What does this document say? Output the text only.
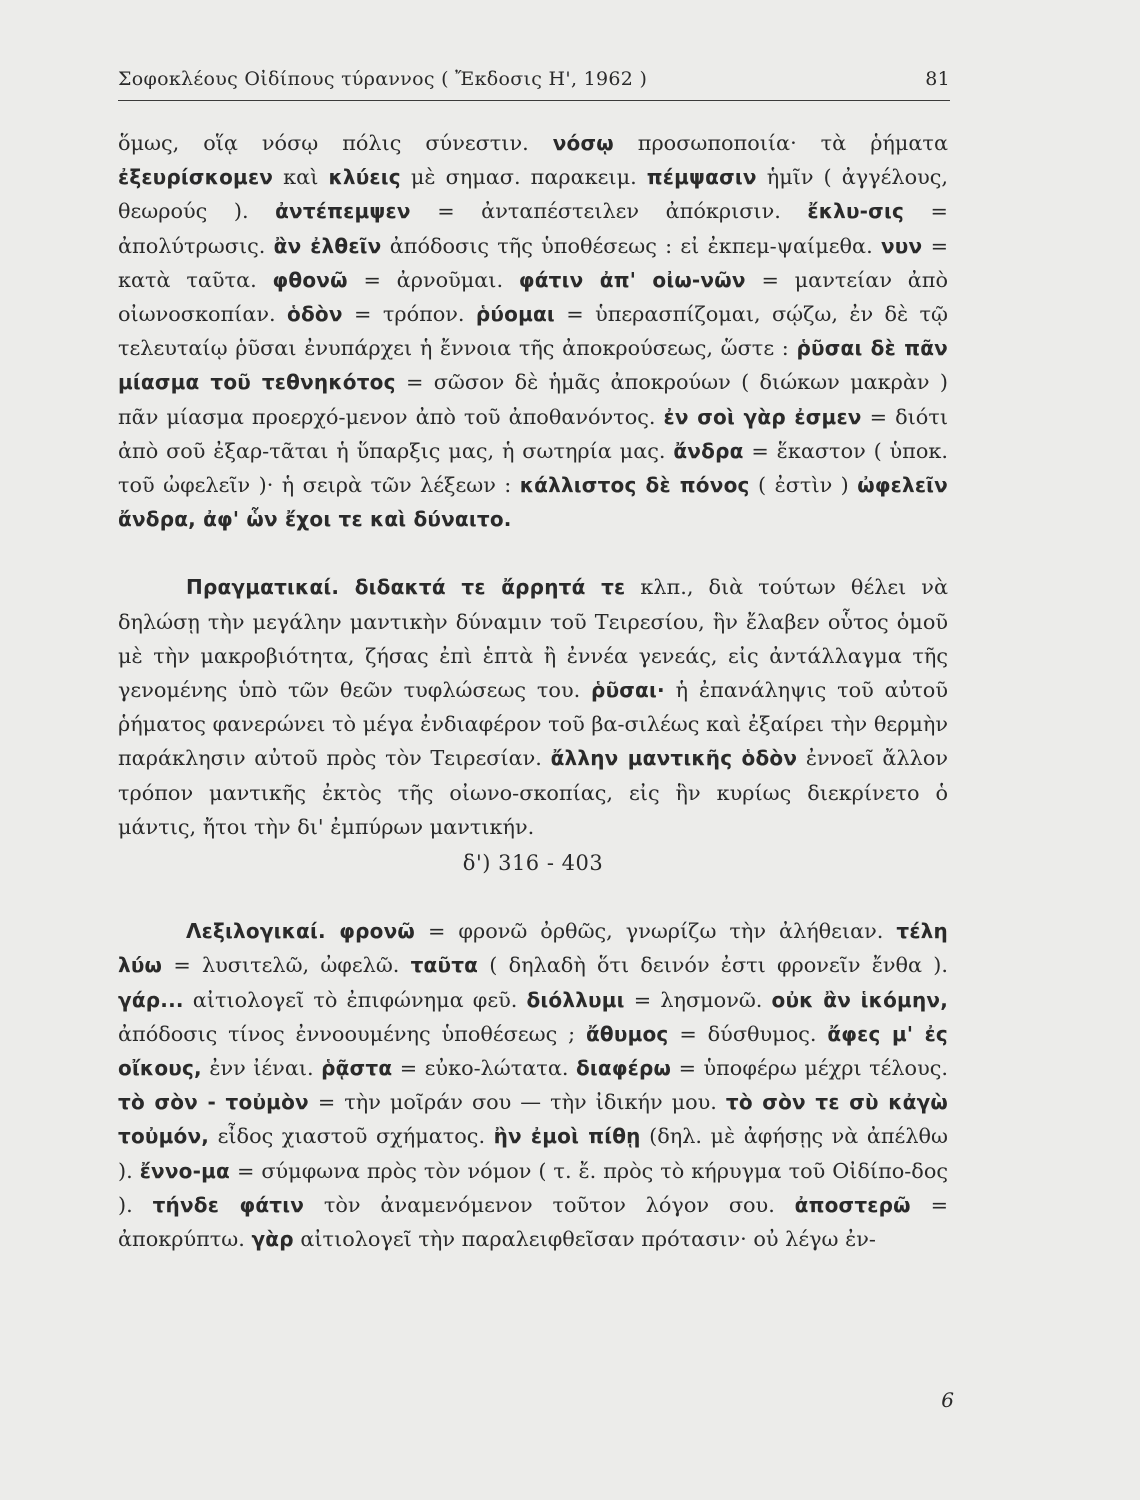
Σοφοκλέους Οἰδίπους τύραννος ( Ἔκδοσις Η', 1962 )	81

ὅμως, οἵᾳ νόσῳ πόλις σύνεστιν. νόσῳ προσωποποιία· τὰ ῥήματα ἐξευρίσκομεν καὶ κλύεις μὲ σημασ. παρακειμ. πέμψασιν ἡμῖν ( ἀγγέλους, θεωρούς ). ἀντέπεμψεν = ἀνταπέστειλεν ἀπόκρισιν. ἔκλυ-σις = ἀπολύτρωσις. ἂν ἐλθεῖν ἀπόδοσις τῆς ὑποθέσεως : εἰ ἐκπεμ-ψαίμεθα. νυν = κατὰ ταῦτα. φθονῶ = ἀρνοῦμαι. φάτιν ἀπ' οἰω-νῶν = μαντείαν ἀπὸ οἰωνοσκοπίαν. ὁδὸν = τρόπον. ῥύομαι = ὑπερασπίζομαι, σῴζω, ἐν δὲ τῷ τελευταίῳ ῥῦσαι ἐνυπάρχει ἡ ἔννοια τῆς ἀποκρούσεως, ὥστε : ῥῦσαι δὲ πᾶν μίασμα τοῦ τεθνηκότος = σῶσον δὲ ἡμᾶς ἀποκρούων ( διώκων μακρὰν ) πᾶν μίασμα προερχό-μενον ἀπὸ τοῦ ἀποθανόντος. ἐν σοὶ γὰρ ἐσμεν = διότι ἀπὸ σοῦ ἐξαρ-τᾶται ἡ ὕπαρξις μας, ἡ σωτηρία μας. ἄνδρα = ἕκαστον ( ὑποκ. τοῦ ὠφελεῖν )· ἡ σειρὰ τῶν λέξεων : κάλλιστος δὲ πόνος ( ἐστὶν ) ὠφελεῖν ἄνδρα, ἀφ' ὧν ἔχοι τε καὶ δύναιτο.

Πραγματικαί. διδακτά τε ἄρρητά τε κλπ., διὰ τούτων θέλει νὰ δηλώσῃ τὴν μεγάλην μαντικὴν δύναμιν τοῦ Τειρεσίου, ἣν ἔλαβεν οὗτος ὁμοῦ μὲ τὴν μακροβιότητα, ζήσας ἐπὶ ἑπτὰ ἢ ἐννέα γενεάς, εἰς ἀντάλλαγμα τῆς γενομένης ὑπὸ τῶν θεῶν τυφλώσεως του. ῥῦσαι· ἡ ἐπανάληψις τοῦ αὐτοῦ ῥήματος φανερώνει τὸ μέγα ἐνδιαφέρον τοῦ βα-σιλέως καὶ ἐξαίρει τὴν θερμὴν παράκλησιν αὐτοῦ πρὸς τὸν Τειρεσίαν. ἄλλην μαντικῆς ὁδὸν ἐννοεῖ ἄλλον τρόπον μαντικῆς ἐκτὸς τῆς οἰωνο-σκοπίας, εἰς ἣν κυρίως διεκρίνετο ὁ μάντις, ἤτοι τὴν δι' ἐμπύρων μαντικήν.

δ') 316 - 403

Λεξιλογικαί. φρονῶ = φρονῶ ὀρθῶς, γνωρίζω τὴν ἀλήθειαν. τέλη λύω = λυσιτελῶ, ὠφελῶ. ταῦτα ( δηλαδὴ ὅτι δεινόν ἐστι φρονεῖν ἔνθα ). γάρ... αἰτιολογεῖ τὸ ἐπιφώνημα φεῦ. διόλλυμι = λησμονῶ. οὐκ ἂν ἱκόμην, ἀπόδοσις τίνος ἐννοουμένης ὑποθέσεως ; ἄθυμος = δύσθυμος. ἄφες μ' ἐς οἴκους, ἐνν ἰέναι. ῥᾷστα = εὐκο-λώτατα. διαφέρω = ὑποφέρω μέχρι τέλους. τὸ σὸν - τοὐμὸν = τὴν μοῖράν σου — τὴν ἰδικήν μου. τὸ σὸν τε σὺ κἀγὼ τοὐμόν, εἶδος χιαστοῦ σχήματος. ἢν ἐμοὶ πίθῃ (δηλ. μὲ ἀφήσῃς νὰ ἀπέλθω ). ἔννο-μα = σύμφωνα πρὸς τὸν νόμον ( τ. ἔ. πρὸς τὸ κήρυγμα τοῦ Οἰδίπο-δος ). τήνδε φάτιν τὸν ἀναμενόμενον τοῦτον λόγον σου. ἀποστερῶ = ἀποκρύπτω. γὰρ αἰτιολογεῖ τὴν παραλειφθεῖσαν πρότασιν· οὐ λέγω ἐν-

6
